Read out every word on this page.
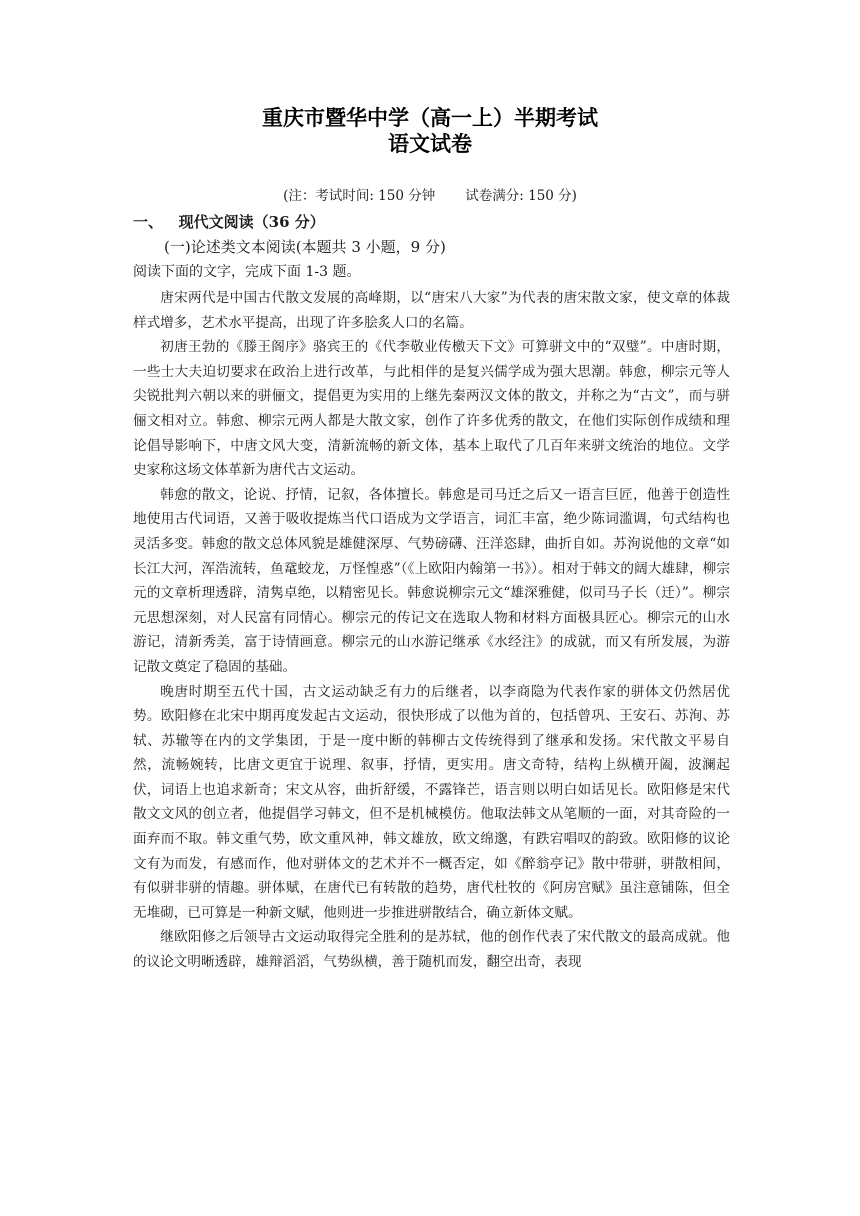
重庆市暨华中学（高一上）半期考试
语文试卷
(注：考试时间: 150 分钟       试卷满分: 150 分)
一、   现代文阅读（36 分）
(一)论述类文本阅读(本题共 3 小题，9 分)
阅读下面的文字，完成下面 1-3 题。

唐宋两代是中国古代散文发展的高峰期，以“唐宋八大家”为代表的唐宋散文家，使文章的体裁样式增多，艺术水平提高，出现了许多脍炙人口的名篇。

初唐王勃的《滕王阁序》骆宾王的《代李敬业传檄天下文》可算骈文中的“双璧”。中唐时期，一些士大夫迫切要求在政治上进行改革，与此相伴的是复兴儒学成为强大思潮。韩愈，柳宗元等人尖锐批判六朝以来的骈俪文，提倡更为实用的上继先秦两汉文体的散文，并称之为“古文”，而与骈俪文相对立。韩愈、柳宗元两人都是大散文家，创作了许多优秀的散文，在他们实际创作成绩和理论倡导影响下，中唐文风大变，清新流畅的新文体，基本上取代了几百年来骈文统治的地位。文学史家称这场文体革新为唐代古文运动。

韩愈的散文，论说、抒情，记叙，各体擅长。韩愈是司马迁之后又一语言巨匠，他善于创造性地使用古代词语，又善于吸收提炼当代口语成为文学语言，词汇丰富，绝少陈词滥调，句式结构也灵活多变。韩愈的散文总体风貌是雄健深厚、气势磅礴、汪洋恣肆，曲折自如。苏洵说他的文章“如长江大河，浑浩流转，鱼鼋蛟龙，万怪惶惑”（《上欧阳内翰第一书》）。相对于韩文的阔大雄肆，柳宗元的文章析理透辟，清隽卓绝，以精密见长。韩愈说柳宗元文“雄深雅健，似司马子长（迁）”。柳宗元思想深刻，对人民富有同情心。柳宗元的传记文在选取人物和材料方面极具匠心。柳宗元的山水游记，清新秀美，富于诗情画意。柳宗元的山水游记继承《水经注》的成就，而又有所发展，为游记散文奠定了稳固的基础。

晚唐时期至五代十国，古文运动缺乏有力的后继者，以李商隐为代表作家的骈体文仍然居优势。欧阳修在北宋中期再度发起古文运动，很快形成了以他为首的，包括曾巩、王安石、苏洵、苏轼、苏辙等在内的文学集团，于是一度中断的韩柳古文传统得到了继承和发扬。宋代散文平易自然，流畅婉转，比唐文更宜于说理、叙事，抒情，更实用。唐文奇特，结构上纵横开阖，波澜起伏，词语上也追求新奇；宋文从容，曲折舒缓，不露锋芒，语言则以明白如话见长。欧阳修是宋代散文文风的创立者，他提倡学习韩文，但不是机械模仿。他取法韩文从笔顺的一面，对其奇险的一面弃而不取。韩文重气势，欧文重风神，韩文雄放，欧文绵邈，有跌宕唱叹的韵致。欧阳修的议论文有为而发，有感而作，他对骈体文的艺术并不一概否定，如《醉翁亭记》散中带骈，骈散相间，有似骈非骈的情趣。骈体赋，在唐代已有转散的趋势，唐代杜牧的《阿房宫赋》虽注意铺陈，但全无堆砌，已可算是一种新文赋，他则进一步推进骈散结合，确立新体文赋。

继欧阳修之后领导古文运动取得完全胜利的是苏轼，他的创作代表了宋代散文的最高成就。他的议论文明晰透辟，雄辩滔滔，气势纵横，善于随机而发，翻空出奇，表现
